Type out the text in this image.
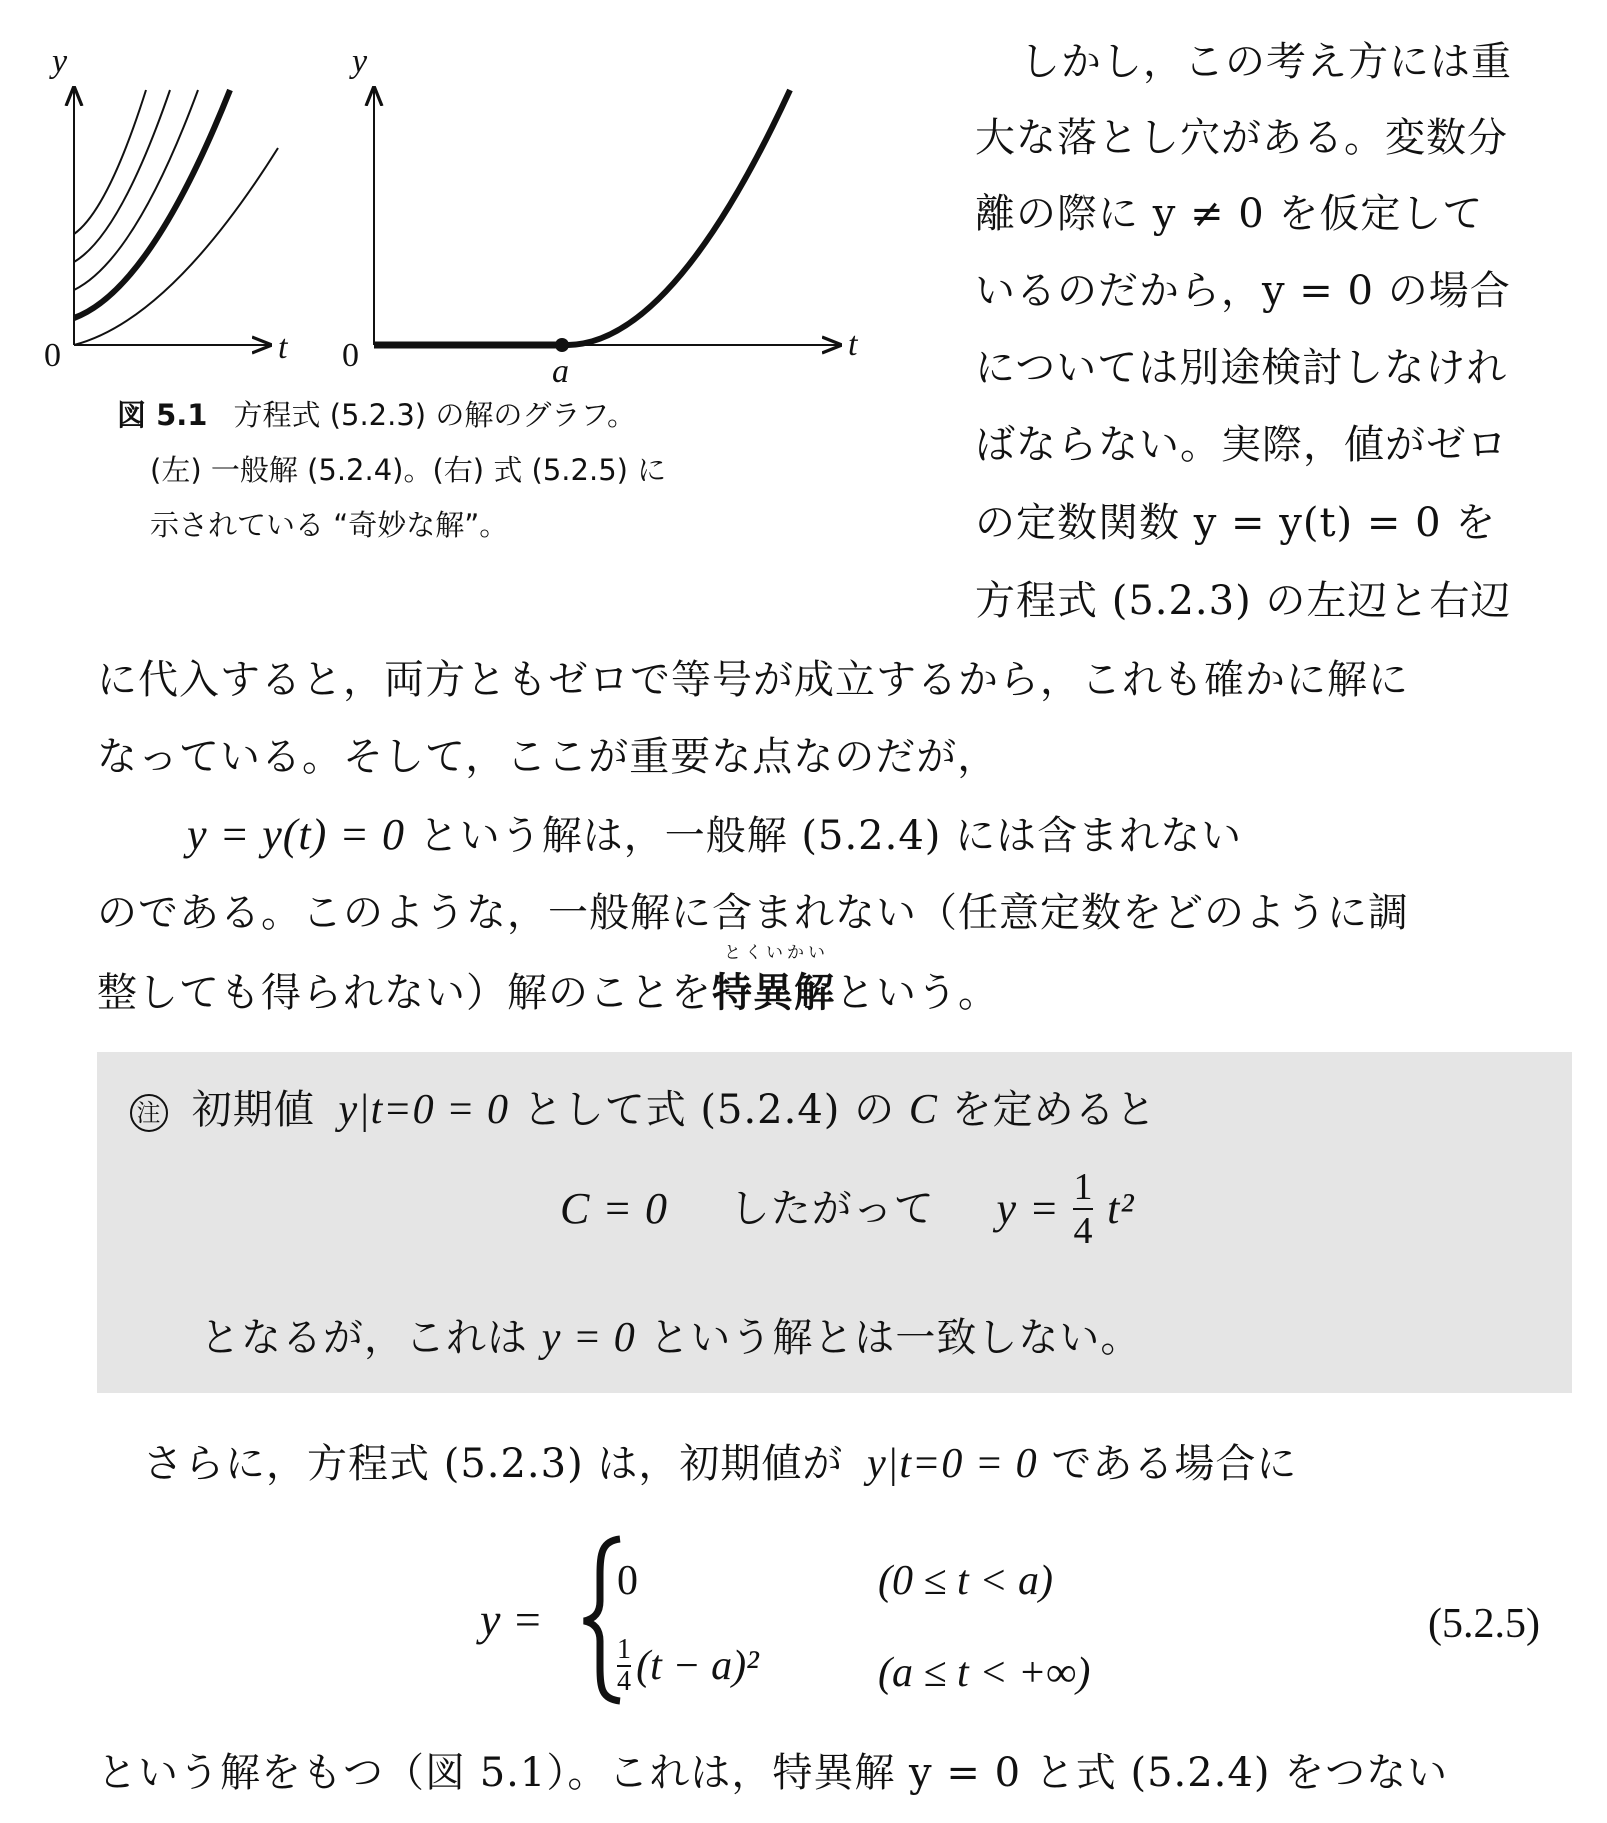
y
t
0
y
t
0	a
図 5.1 方程式 (5.2.3) の解のグラフ。
(左) 一般解 (5.2.4)。(右) 式 (5.2.5) に
示されている “奇妙な解”。
しかし，この考え方には重
大な落とし穴がある。変数分
離の際に y ≠ 0 を仮定して
いるのだから，y = 0 の場合
については別途検討しなけれ
ばならない。実際，値がゼロ
の定数関数 y = y(t) = 0 を
方程式 (5.2.3) の左辺と右辺
に代入すると，両方ともゼロで等号が成立するから，これも確かに解に
なっている。そして，ここが重要な点なのだが，
y = y(t) = 0 という解は，一般解 (5.2.4) には含まれない
のである。このような，一般解に含まれない（任意定数をどのように調
整しても得られない）解のことを
とくいかい
特異解という。
注 初期値 y|t=0 = 0 として式 (5.2.4) の C を定めると
C = 0 したがって $y = \frac{1}{4} t^2$
となるが，これは y = 0 という解とは一致しない。
さらに，方程式 (5.2.3) は，初期値が y|t=0 = 0 である場合に
y =
0	(0 ≤ t < a)
$\frac{1}{4} (t - a)^2$	(a ≤ t < +∞)
(5.2.5)
という解をもつ（図 5.1）。これは，特異解 y = 0 と式 (5.2.4) をつない
